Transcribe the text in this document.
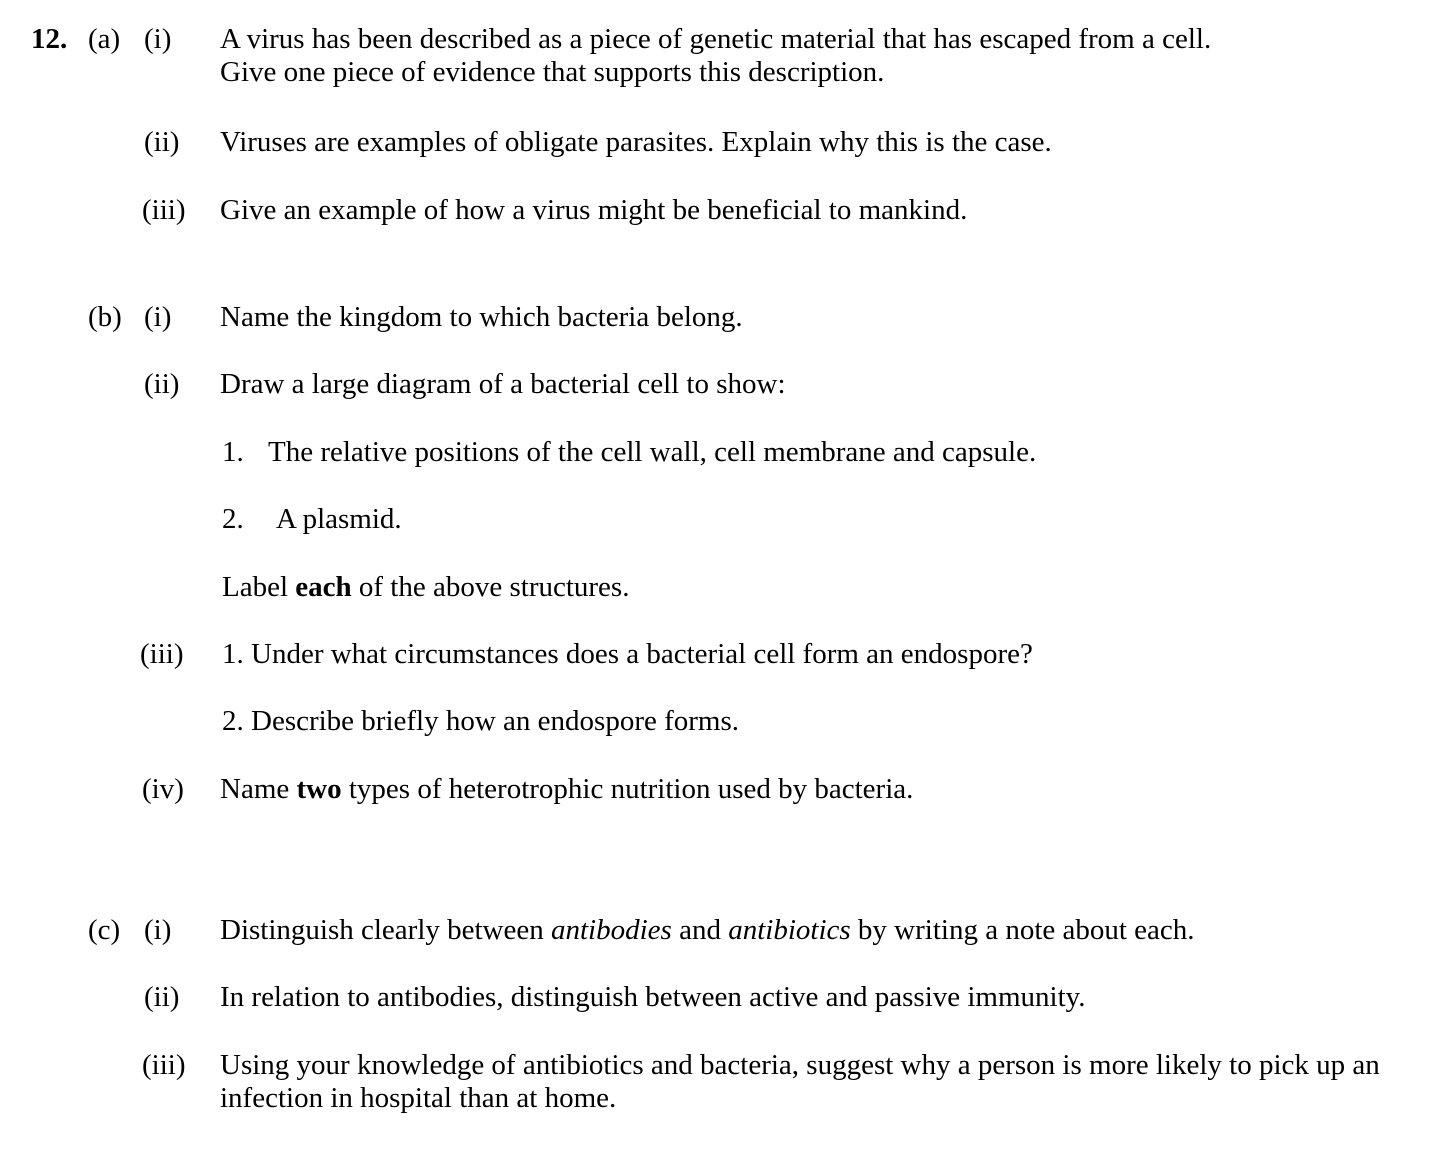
12. (a) (i) A virus has been described as a piece of genetic material that has escaped from a cell.
Give one piece of evidence that supports this description.
(ii) Viruses are examples of obligate parasites. Explain why this is the case.
(iii) Give an example of how a virus might be beneficial to mankind.
(b) (i) Name the kingdom to which bacteria belong.
(ii) Draw a large diagram of a bacterial cell to show:
1. The relative positions of the cell wall, cell membrane and capsule.
2. A plasmid.
Label each of the above structures.
(iii) 1. Under what circumstances does a bacterial cell form an endospore?
2. Describe briefly how an endospore forms.
(iv) Name two types of heterotrophic nutrition used by bacteria.
(c) (i) Distinguish clearly between antibodies and antibiotics by writing a note about each.
(ii) In relation to antibodies, distinguish between active and passive immunity.
(iii) Using your knowledge of antibiotics and bacteria, suggest why a person is more likely to pick up an
infection in hospital than at home.
